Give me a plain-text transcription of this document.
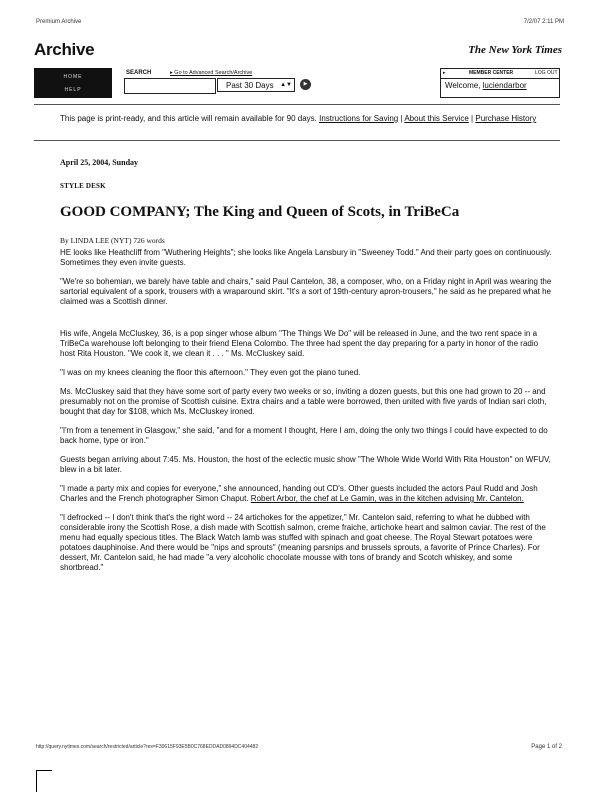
Premium Archive	7/2/07 2:11 PM
Archive	The New York Times
HOME
HELP
SEARCH	▸ Go to Advanced Search/Archive
Past 30 Days ▲▼	▶
▸	MEMBER CENTER	LOG OUT
Welcome, luciendarbor
This page is print-ready, and this article will remain available for 90 days. Instructions for Saving | About this Service | Purchase History
April 25, 2004, Sunday
STYLE DESK
GOOD COMPANY; The King and Queen of Scots, in TriBeCa
By LINDA LEE (NYT) 726 words

HE looks like Heathcliff from "Wuthering Heights"; she looks like Angela Lansbury in "Sweeney Todd." And their party goes on continuously. Sometimes they even invite guests.

"We're so bohemian, we barely have table and chairs," said Paul Cantelon, 38, a composer, who, on a Friday night in April was wearing the sartorial equivalent of a spork, trousers with a wraparound skirt. "It's a sort of 19th-century apron-trousers," he said as he prepared what he claimed was a Scottish dinner.

His wife, Angela McCluskey, 36, is a pop singer whose album "The Things We Do" will be released in June, and the two rent space in a TriBeCa warehouse loft belonging to their friend Elena Colombo. The three had spent the day preparing for a party in honor of the radio host Rita Houston. "We cook it, we clean it . . . " Ms. McCluskey said.

"I was on my knees cleaning the floor this afternoon." They even got the piano tuned.

Ms. McCluskey said that they have some sort of party every two weeks or so, inviting a dozen guests, but this one had grown to 20 -- and presumably not on the promise of Scottish cuisine. Extra chairs and a table were borrowed, then united with five yards of Indian sari cloth, bought that day for $108, which Ms. McCluskey ironed.

"I'm from a tenement in Glasgow," she said, "and for a moment I thought, Here I am, doing the only two things I could have expected to do back home, type or iron."

Guests began arriving about 7:45. Ms. Houston, the host of the eclectic music show "The Whole Wide World With Rita Houston" on WFUV, blew in a bit later.

"I made a party mix and copies for everyone," she announced, handing out CD's. Other guests included the actors Paul Rudd and Josh Charles and the French photographer Simon Chaput. Robert Arbor, the chef at Le Gamin, was in the kitchen advising Mr. Cantelon.

"I defrocked -- I don't think that's the right word -- 24 artichokes for the appetizer," Mr. Cantelon said, referring to what he dubbed with considerable irony the Scottish Rose, a dish made with Scottish salmon, creme fraiche, artichoke heart and salmon caviar. The rest of the menu had equally specious titles. The Black Watch lamb was stuffed with spinach and goat cheese. The Royal Stewart potatoes were potatoes dauphinoise. And there would be "nips and sprouts" (meaning parsnips and brussels sprouts, a favorite of Prince Charles). For dessert, Mr. Cantelon said, he had made "a very alcoholic chocolate mousse with tons of brandy and Scotch whiskey, and some shortbread."

http://query.nytimes.com/search/restricted/article?res=F30615F93E5B0C768EDDAD0894DC404482	Page 1 of 2
